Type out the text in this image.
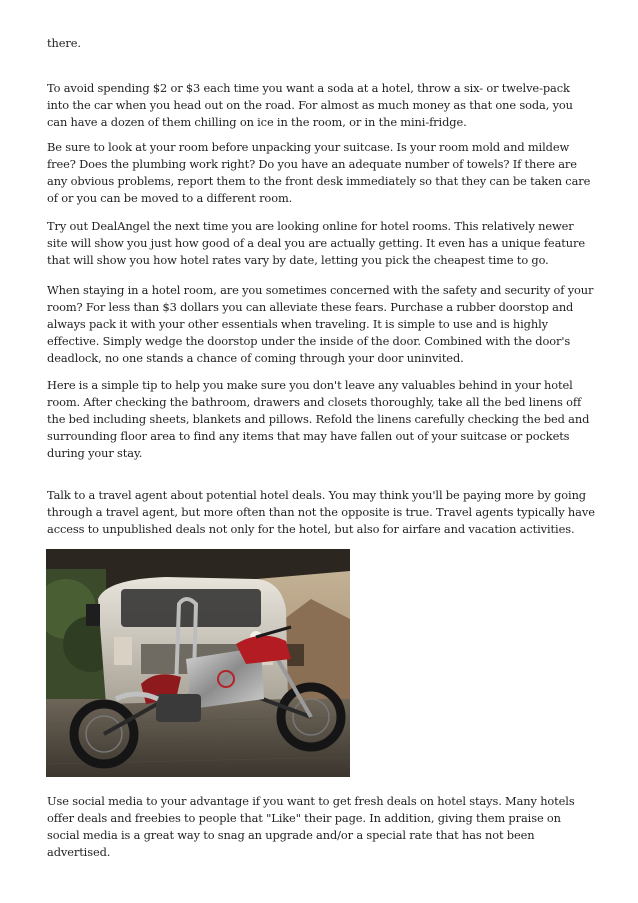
there.

To avoid spending $2 or $3 each time you want a soda at a hotel, throw a six- or twelve-pack into the car when you head out on the road. For almost as much money as that one soda, you can have a dozen of them chilling on ice in the room, or in the mini-fridge.

Be sure to look at your room before unpacking your suitcase. Is your room mold and mildew free? Does the plumbing work right? Do you have an adequate number of towels? If there are any obvious problems, report them to the front desk immediately so that they can be taken care of or you can be moved to a different room.

Try out DealAngel the next time you are looking online for hotel rooms. This relatively newer site will show you just how good of a deal you are actually getting. It even has a unique feature that will show you how hotel rates vary by date, letting you pick the cheapest time to go.

When staying in a hotel room, are you sometimes concerned with the safety and security of your room? For less than $3 dollars you can alleviate these fears. Purchase a rubber doorstop and always pack it with your other essentials when traveling. It is simple to use and is highly effective. Simply wedge the doorstop under the inside of the door. Combined with the door's deadlock, no one stands a chance of coming through your door uninvited.

Here is a simple tip to help you make sure you don't leave any valuables behind in your hotel room. After checking the bathroom, drawers and closets thoroughly, take all the bed linens off the bed including sheets, blankets and pillows. Refold the linens carefully checking the bed and surrounding floor area to find any items that may have fallen out of your suitcase or pockets during your stay.

Talk to a travel agent about potential hotel deals. You may think you'll be paying more by going through a travel agent, but more often than not the opposite is true. Travel agents typically have access to unpublished deals not only for the hotel, but also for airfare and vacation activities.

Use social media to your advantage if you want to get fresh deals on hotel stays. Many hotels offer deals and freebies to people that "Like" their page. In addition, giving them praise on social media is a great way to snag an upgrade and/or a special rate that has not been advertised.
